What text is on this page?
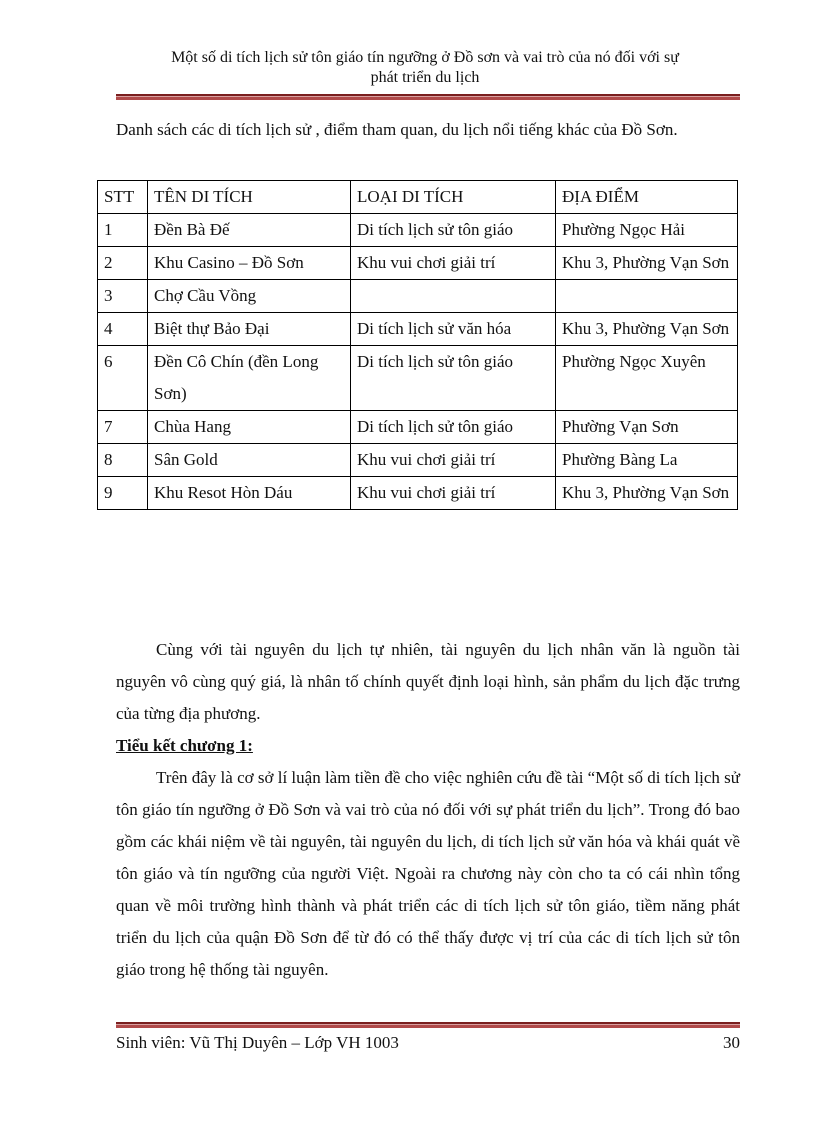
Một số di tích lịch sử tôn giáo tín ngưỡng ở Đồ sơn và vai trò của nó đối với sự
phát triển du lịch

Danh sách các di tích lịch sử , điểm tham quan, du lịch nổi tiếng khác của Đồ Sơn.

STT	TÊN DI TÍCH	LOẠI DI TÍCH	ĐỊA ĐIỂM
1	Đền Bà Đế	Di tích lịch sử tôn giáo	Phường Ngọc Hải
2	Khu Casino – Đồ Sơn	Khu vui chơi giải trí	Khu 3, Phường Vạn Sơn
3	Chợ Cầu Vồng		
4	Biệt thự Bảo Đại	Di tích lịch sử văn hóa	Khu 3, Phường Vạn Sơn
6	Đền Cô Chín (đền Long Sơn)	Di tích lịch sử tôn giáo	Phường Ngọc Xuyên
7	Chùa Hang	Di tích lịch sử tôn giáo	Phường Vạn Sơn
8	Sân Gold	Khu vui chơi giải trí	Phường Bàng La
9	Khu Resot Hòn Dáu	Khu vui chơi giải trí	Khu 3, Phường Vạn Sơn

Cùng với tài nguyên du lịch tự nhiên, tài nguyên du lịch nhân văn là nguồn tài nguyên vô cùng quý giá, là nhân tố chính quyết định loại hình, sản phẩm du lịch đặc trưng của từng địa phương.

Tiểu kết chương 1:

Trên đây là cơ sở lí luận làm tiền đề cho việc nghiên cứu đề tài “Một số di tích lịch sử tôn giáo tín ngưỡng ở Đồ Sơn và vai trò của nó đối với sự phát triển du lịch”. Trong đó bao gồm các khái niệm về tài nguyên, tài nguyên du lịch, di tích lịch sử văn hóa và khái quát về tôn giáo và tín ngưỡng của người Việt. Ngoài ra chương này còn cho ta có cái nhìn tổng quan về môi trường hình thành và phát triển các di tích lịch sử tôn giáo, tiềm năng phát triển du lịch của quận Đồ Sơn để từ đó có thể thấy được vị trí của các di tích lịch sử tôn giáo trong hệ thống tài nguyên.

Sinh viên: Vũ Thị Duyên – Lớp VH 1003	30
